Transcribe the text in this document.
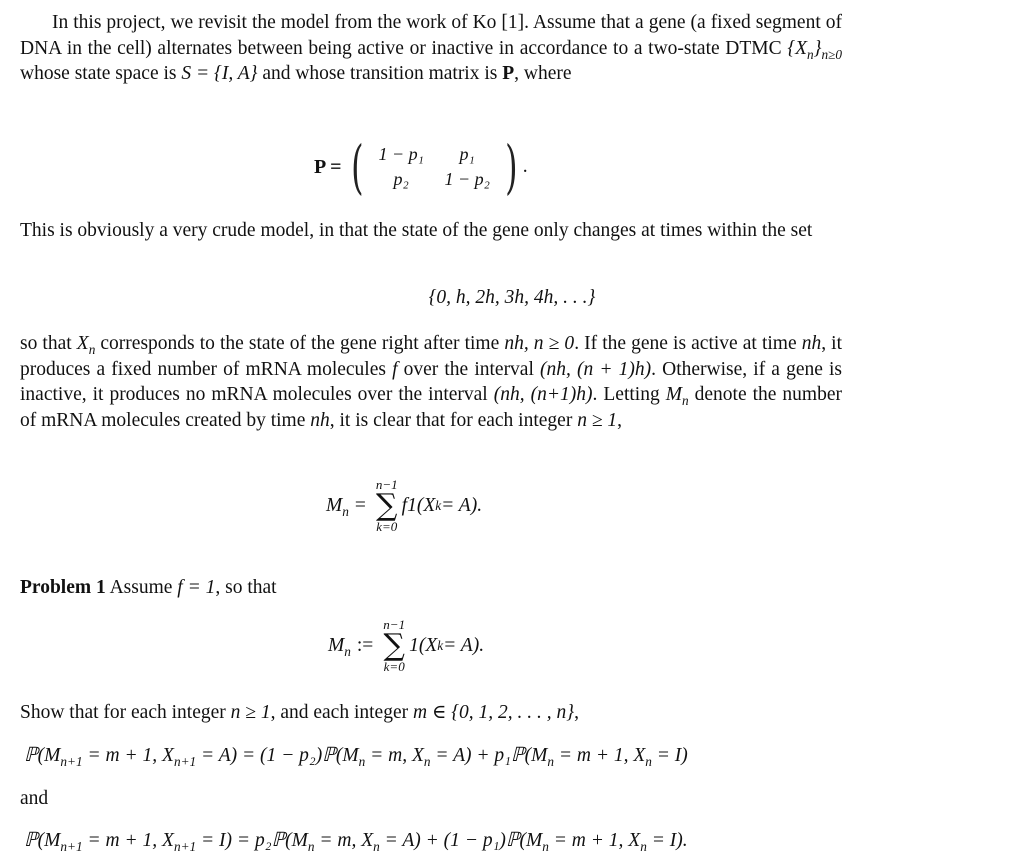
In this project, we revisit the model from the work of Ko [1]. Assume that a gene (a fixed segment of DNA in the cell) alternates between being active or inactive in accordance to a two-state DTMC $\{X_n\}_{n\ge 0}$ whose state space is S = {I, A} and whose transition matrix is P, where
P = ( 1 − p₁	p₁
p₂	1 − p₂ ) .
This is obviously a very crude model, in that the state of the gene only changes at times within the set
{0, h, 2h, 3h, 4h, . . .}
so that $X_n$ corresponds to the state of the gene right after time nh, n ≥ 0. If the gene is active at time nh, it produces a fixed number of mRNA molecules f over the interval (nh, (n + 1)h). Otherwise, if a gene is inactive, it produces no mRNA molecules over the interval (nh, (n+1)h). Letting $M_n$ denote the number of mRNA molecules created by time nh, it is clear that for each integer n ≥ 1,
$M_n$ =
n−1
∑
k=0
f1(X k = A).
Problem 1 Assume f = 1, so that
$M_n$ :=
n−1
∑
k=0
1(X k = A).
Show that for each integer n ≥ 1, and each integer m ∈ {0, 1, 2, . . . , n},
$ℙ(M_{n+1} = m + 1$, $X_{n+1} = A) = (1$ − $p_2)ℙ(M_n = m$, $X_n = A$) + $p_1ℙ(M_n = m + 1$, $X_n = I$)
and
$ℙ(M_{n+1} = m + 1$, $X_{n+1} = I$) = $p_2ℙ(M_n = m$, $X_n = A) + (1$ − $p_1)ℙ(M_n = m + 1$, $X_n = I$).
